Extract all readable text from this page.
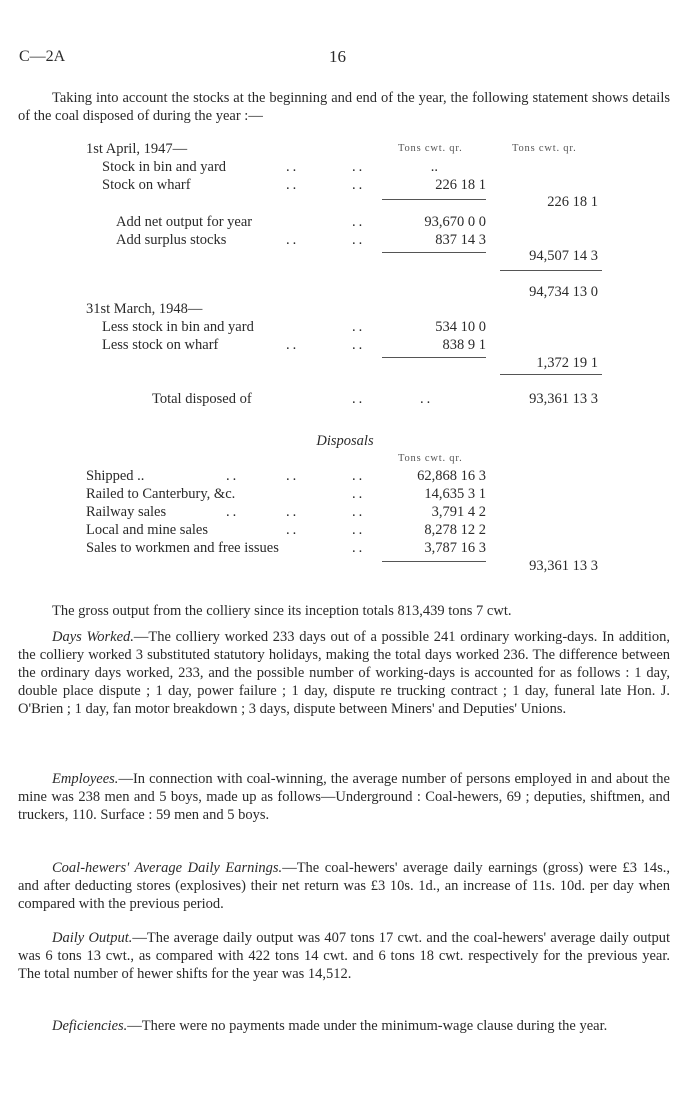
C—2A	16

Taking into account the stocks at the beginning and end of the year, the following statement shows details of the coal disposed of during the year :—

Tons cwt. qr.	Tons cwt. qr.
1st April, 1947—
Stock in bin and yard	..	..	..
Stock on wharf	..	..	226 18 1
226 18 1
Add net output for year	..	93,670 0 0
Add surplus stocks	..	..	837 14 3
94,507 14 3
94,734 13 0
31st March, 1948—
Less stock in bin and yard	..	534 10 0
Less stock on wharf	..	..	838 9 1
1,372 19 1
Total disposed of	..	..	93,361 13 3
Disposals
Tons cwt. qr.
Shipped ..	..	..	..	62,868 16 3
Railed to Canterbury, &c.	..	14,635 3 1
Railway sales	..	..	..	3,791 4 2
Local and mine sales	..	..	8,278 12 2
Sales to workmen and free issues	..	3,787 16 3
93,361 13 3

The gross output from the colliery since its inception totals 813,439 tons 7 cwt.

Days Worked.—The colliery worked 233 days out of a possible 241 ordinary working-days. In addition, the colliery worked 3 substituted statutory holidays, making the total days worked 236. The difference between the ordinary days worked, 233, and the possible number of working-days is accounted for as follows : 1 day, double place dispute ; 1 day, power failure ; 1 day, dispute re trucking contract ; 1 day, funeral late Hon. J. O'Brien ; 1 day, fan motor breakdown ; 3 days, dispute between Miners' and Deputies' Unions.

Employees.—In connection with coal-winning, the average number of persons employed in and about the mine was 238 men and 5 boys, made up as follows—Underground : Coal-hewers, 69 ; deputies, shiftmen, and truckers, 110. Surface : 59 men and 5 boys.

Coal-hewers' Average Daily Earnings.—The coal-hewers' average daily earnings (gross) were £3 14s., and after deducting stores (explosives) their net return was £3 10s. 1d., an increase of 11s. 10d. per day when compared with the previous period.

Daily Output.—The average daily output was 407 tons 17 cwt. and the coal-hewers' average daily output was 6 tons 13 cwt., as compared with 422 tons 14 cwt. and 6 tons 18 cwt. respectively for the previous year. The total number of hewer shifts for the year was 14,512.

Deficiencies.—There were no payments made under the minimum-wage clause during the year.
